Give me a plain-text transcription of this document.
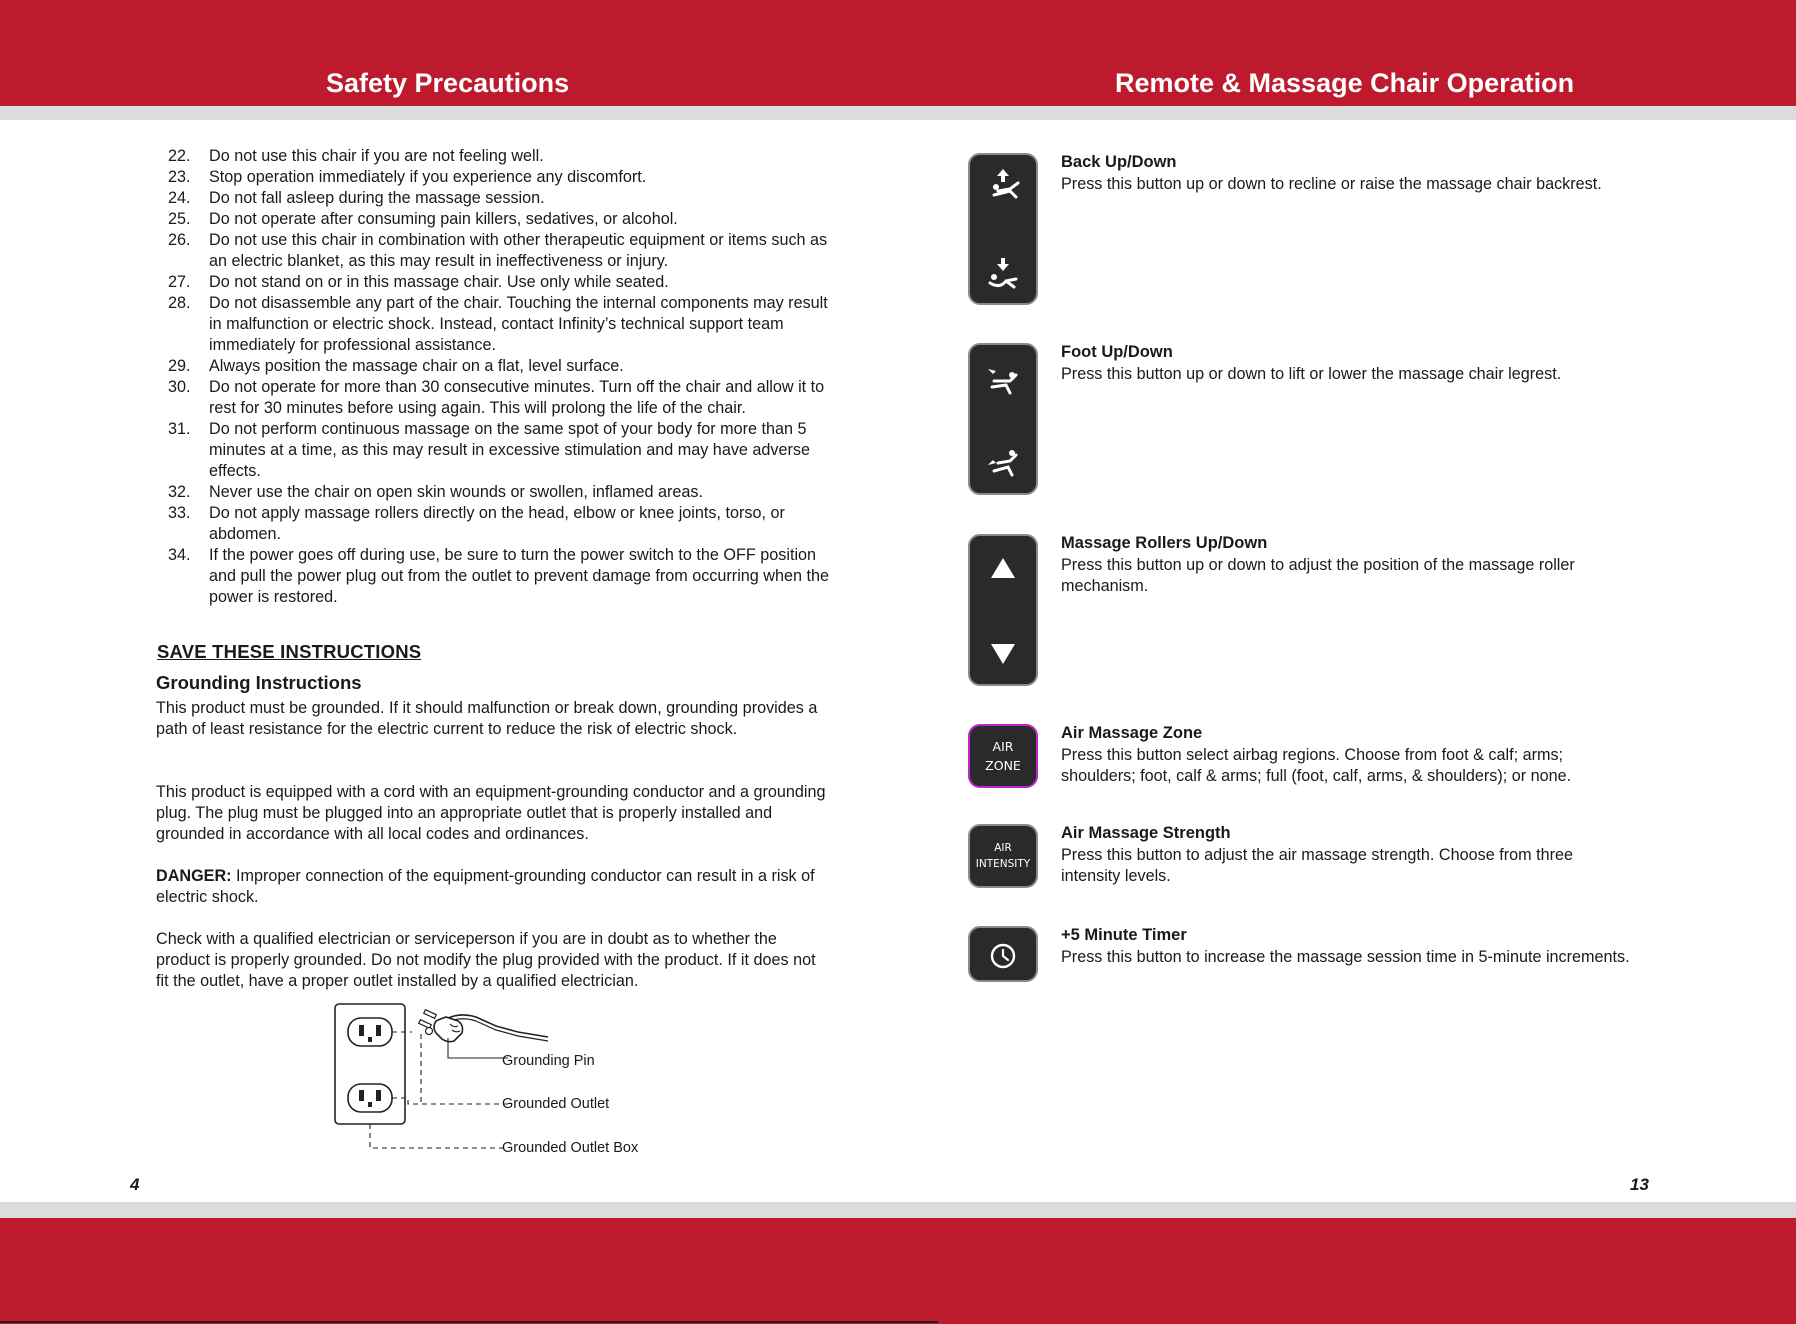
Safety Precautions	Remote & Massage Chair Operation
22.	Do not use this chair if you are not feeling well.
23.	Stop operation immediately if you experience any discomfort.
24.	Do not fall asleep during the massage session.
25.	Do not operate after consuming pain killers, sedatives, or alcohol.
26.	Do not use this chair in combination with other therapeutic equipment or items such as an electric blanket, as this may result in ineffectiveness or injury.
27.	Do not stand on or in this massage chair. Use only while seated.
28.	Do not disassemble any part of the chair. Touching the internal components may result in malfunction or electric shock. Instead, contact Infinity’s technical support team immediately for professional assistance.
29.	Always position the massage chair on a flat, level surface.
30.	Do not operate for more than 30 consecutive minutes. Turn off the chair and allow it to rest for 30 minutes before using again. This will prolong the life of the chair.
31.	Do not perform continuous massage on the same spot of your body for more than 5 minutes at a time, as this may result in excessive stimulation and may have adverse effects.
32.	Never use the chair on open skin wounds or swollen, inflamed areas.
33.	Do not apply massage rollers directly on the head, elbow or knee joints, torso, or abdomen.
34.	If the power goes off during use, be sure to turn the power switch to the OFF position and pull the power plug out from the outlet to prevent damage from occurring when the power is restored.
SAVE THESE INSTRUCTIONS
Grounding Instructions

This product must be grounded. If it should malfunction or break down, grounding provides a path of least resistance for the electric current to reduce the risk of electric shock.

This product is equipped with a cord with an equipment-grounding conductor and a grounding plug. The plug must be plugged into an appropriate outlet that is properly installed and grounded in accordance with all local codes and ordinances.

DANGER: Improper connection of the equipment-grounding conductor can result in a risk of electric shock.

Check with a qualified electrician or serviceperson if you are in doubt as to whether the product is properly grounded. Do not modify the plug provided with the product. If it does not fit the outlet, have a proper outlet installed by a qualified electrician.

Grounding Pin
Grounded Outlet
Grounded Outlet Box
4
Back Up/Down
Press this button up or down to recline or raise the massage chair backrest.
Foot Up/Down
Press this button up or down to lift or lower the massage chair legrest.
Massage Rollers Up/Down
Press this button up or down to adjust the position of the massage roller mechanism.
AIR
ZONE
Air Massage Zone
Press this button select airbag regions. Choose from foot & calf; arms; shoulders; foot, calf & arms; full (foot, calf, arms, & shoulders); or none.
AIR
INTENSITY
Air Massage Strength
Press this button to adjust the air massage strength. Choose from three intensity levels.
+5 Minute Timer
Press this button to increase the massage session time in 5-minute increments.
13
